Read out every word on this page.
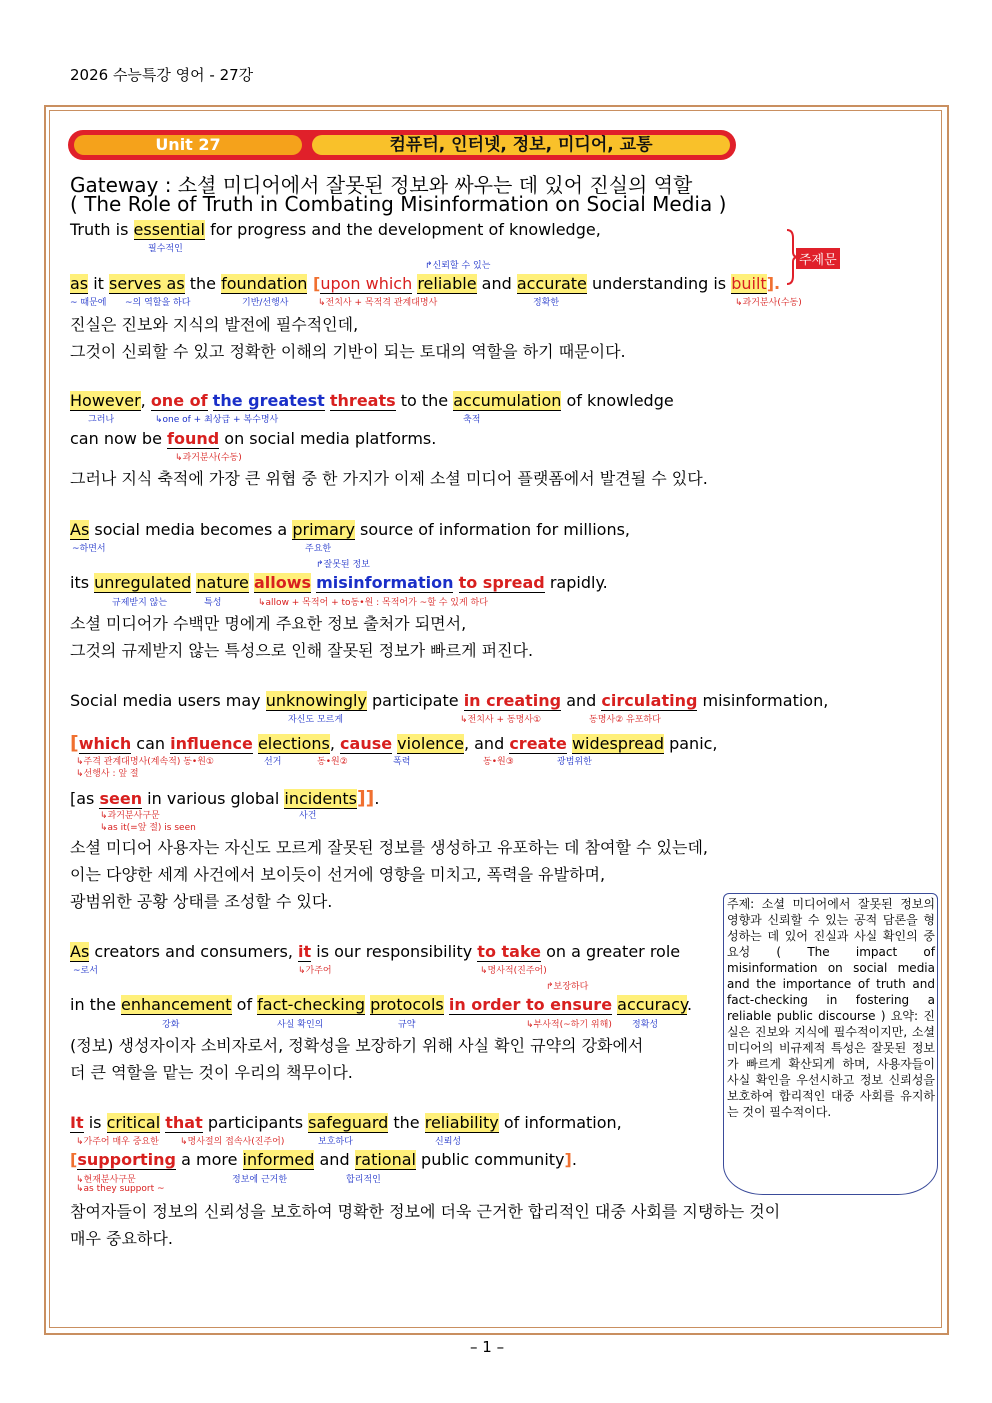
2026 수능특강 영어 - 27강
Unit 27	컴퓨터, 인터넷, 정보, 미디어, 교통
Gateway : 소셜 미디어에서 잘못된 정보와 싸우는 데 있어 진실의 역할
( The Role of Truth in Combating Misinformation on Social Media )
주제문
Truth is essential for progress and the development of knowledge,
필수적인
↱신뢰할 수 있는
as it serves as the foundation [upon which reliable and accurate understanding is built].
~ 때문에 ~의 역할을 하다	기반/선행사	↳전치사 + 목적격 관계대명사	정확한	↳과거분사(수동)
진실은 진보와 지식의 발전에 필수적인데,
그것이 신뢰할 수 있고 정확한 이해의 기반이 되는 토대의 역할을 하기 때문이다.
However, one of the greatest threats to the accumulation of knowledge
그러나	↳one of + 최상급 + 복수명사	축적
can now be found on social media platforms.
↳과거분사(수동)
그러나 지식 축적에 가장 큰 위협 중 한 가지가 이제 소셜 미디어 플랫폼에서 발견될 수 있다.
As social media becomes a primary source of information for millions,
~하면서	주요한
↱잘못된 정보
its unregulated nature allows misinformation to spread rapidly.
규제받지 않는	특성	↳allow + 목적어 + to동•원 : 목적어가 ~할 수 있게 하다
소셜 미디어가 수백만 명에게 주요한 정보 출처가 되면서,
그것의 규제받지 않는 특성으로 인해 잘못된 정보가 빠르게 퍼진다.
Social media users may unknowingly participate in creating and circulating misinformation,
자신도 모르게	↳전치사 + 동명사①	동명사② 유포하다
[which can influence elections, cause violence, and create widespread panic,
↳주격 관계대명사(계속적) 동•원①	선거	동•원②	폭력	동•원③	광범위한
↳선행사 : 앞 절
[as seen in various global incidents]].
↳과거분사구문	사건
↳as it(=앞 절) is seen
소셜 미디어 사용자는 자신도 모르게 잘못된 정보를 생성하고 유포하는 데 참여할 수 있는데,
이는 다양한 세계 사건에서 보이듯이 선거에 영향을 미치고, 폭력을 유발하며,
광범위한 공황 상태를 조성할 수 있다.
As creators and consumers, it is our responsibility to take on a greater role
~로서	↳가주어	↳명사적(진주어)
↱보장하다
in the enhancement of fact-checking protocols in order to ensure accuracy.
강화	사실 확인의	규약	↳부사적(~하기 위해) 정확성
(정보) 생성자이자 소비자로서, 정확성을 보장하기 위해 사실 확인 규약의 강화에서
더 큰 역할을 맡는 것이 우리의 책무이다.
It is critical that participants safeguard the reliability of information,
↳가주어 매우 중요한 ↳명사절의 접속사(진주어)	보호하다	신뢰성
[supporting a more informed and rational public community].
↳현재분사구문	정보에 근거한	합리적인
↳as they support ~
참여자들이 정보의 신뢰성을 보호하여 명확한 정보에 더욱 근거한 합리적인 대중 사회를 지탱하는 것이
매우 중요하다.
주제: 소셜 미디어에서 잘못된 정보의 영향과 신뢰할 수 있는 공적 담론을 형성하는 데 있어 진실과 사실 확인의 중요성 ( The impact of misinformation on social media and the importance of truth and fact-checking in fostering a reliable public discourse ) 요약: 진실은 진보와 지식에 필수적이지만, 소셜 미디어의 비규제적 특성은 잘못된 정보가 빠르게 확산되게 하며, 사용자들이 사실 확인을 우선시하고 정보 신뢰성을 보호하여 합리적인 대중 사회를 유지하는 것이 필수적이다.
– 1 –
